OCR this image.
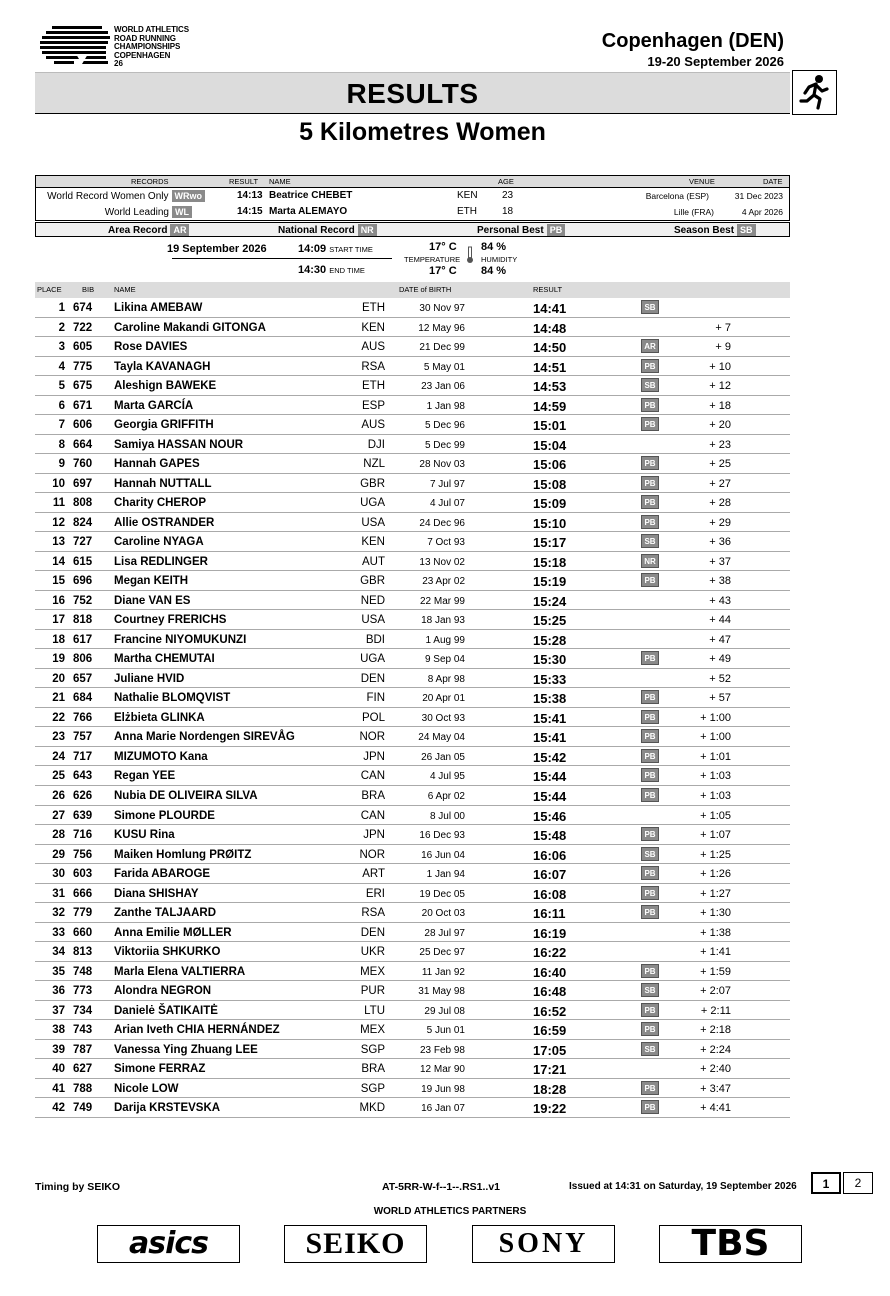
WORLD ATHLETICS
ROAD RUNNING
CHAMPIONSHIPS
COPENHAGEN
26
Copenhagen (DEN)
19-20 September 2026
RESULTS
5 Kilometres Women
RECORDS	RESULT NAME	AGE	VENUE	DATE
World Record Women Only WRwo	14:13 Beatrice CHEBET	KEN 23	Barcelona (ESP)	31 Dec 2023
World Leading WL	14:15 Marta ALEMAYO	ETH	18	Lille (FRA)	4 Apr 2026
Area Record AR	National Record NR	Personal Best PB	Season Best SB
19 September 2026	14:09 START TIME
14:30 END TIME
17° C
TEMPERATURE
17° C
84 %
HUMIDITY
84 %
PLACE	BIB	NAME	DATE of BIRTH	RESULT
1 674 Likina AMEBAW	ETH	30 Nov 97	14:41	SB
2 722 Caroline Makandi GITONGA	KEN	12 May 96	14:48	+ 7
3 605 Rose DAVIES	AUS	21 Dec 99	14:50	AR	+ 9
4 775 Tayla KAVANAGH	RSA	5 May 01	14:51	PB	+ 10
5 675 Aleshign BAWEKE	ETH	23 Jan 06	14:53	SB	+ 12
6 671 Marta GARCÍA	ESP	1 Jan 98	14:59	PB	+ 18
7 606 Georgia GRIFFITH	AUS	5 Dec 96	15:01	PB	+ 20
8 664 Samiya HASSAN NOUR	DJI	5 Dec 99	15:04	+ 23
9 760 Hannah GAPES	NZL	28 Nov 03	15:06	PB	+ 25
10 697 Hannah NUTTALL	GBR	7 Jul 97	15:08	PB	+ 27
11 808 Charity CHEROP	UGA	4 Jul 07	15:09	PB	+ 28
12 824 Allie OSTRANDER	USA	24 Dec 96	15:10	PB	+ 29
13 727 Caroline NYAGA	KEN	7 Oct 93	15:17	SB	+ 36
14 615 Lisa REDLINGER	AUT	13 Nov 02	15:18	NR	+ 37
15 696 Megan KEITH	GBR	23 Apr 02	15:19	PB	+ 38
16 752 Diane VAN ES	NED	22 Mar 99	15:24	+ 43
17 818 Courtney FRERICHS	USA	18 Jan 93	15:25	+ 44
18 617 Francine NIYOMUKUNZI	BDI	1 Aug 99	15:28	+ 47
19 806 Martha CHEMUTAI	UGA	9 Sep 04	15:30	PB	+ 49
20 657 Juliane HVID	DEN	8 Apr 98	15:33	+ 52
21 684 Nathalie BLOMQVIST	FIN	20 Apr 01	15:38	PB	+ 57
22 766 Elżbieta GLINKA	POL	30 Oct 93	15:41	PB	+ 1:00
23 757 Anna Marie Nordengen SIREVÅG	NOR	24 May 04	15:41	PB	+ 1:00
24 717 MIZUMOTO Kana	JPN	26 Jan 05	15:42	PB	+ 1:01
25 643 Regan YEE	CAN	4 Jul 95	15:44	PB	+ 1:03
26 626 Nubia DE OLIVEIRA SILVA	BRA	6 Apr 02	15:44	PB	+ 1:03
27 639 Simone PLOURDE	CAN	8 Jul 00	15:46	+ 1:05
28 716 KUSU Rina	JPN	16 Dec 93	15:48	PB	+ 1:07
29 756 Maiken Homlung PRØITZ	NOR	16 Jun 04	16:06	SB	+ 1:25
30 603 Farida ABAROGE	ART	1 Jan 94	16:07	PB	+ 1:26
31 666 Diana SHISHAY	ERI	19 Dec 05	16:08	PB	+ 1:27
32 779 Zanthe TALJAARD	RSA	20 Oct 03	16:11	PB	+ 1:30
33 660 Anna Emilie MØLLER	DEN	28 Jul 97	16:19	+ 1:38
34 813 Viktoriia SHKURKO	UKR	25 Dec 97	16:22	+ 1:41
35 748 Marla Elena VALTIERRA	MEX	11 Jan 92	16:40	PB	+ 1:59
36 773 Alondra NEGRON	PUR	31 May 98	16:48	SB	+ 2:07
37 734 Danielė ŠATIKAITĖ	LTU	29 Jul 08	16:52	PB	+ 2:11
38 743 Arian Iveth CHIA HERNÁNDEZ	MEX	5 Jun 01	16:59	PB	+ 2:18
39 787 Vanessa Ying Zhuang LEE	SGP	23 Feb 98	17:05	SB	+ 2:24
40 627 Simone FERRAZ	BRA	12 Mar 90	17:21	+ 2:40
41 788 Nicole LOW	SGP	19 Jun 98	18:28	PB	+ 3:47
42 749 Darija KRSTEVSKA	MKD	16 Jan 07	19:22	PB	+ 4:41
Timing by SEIKO	AT-5RR-W-f--1--.RS1..v1	Issued at 14:31 on Saturday, 19 September 2026	1	2
WORLD ATHLETICS PARTNERS
asics	SEIKO	SONY	TBS
